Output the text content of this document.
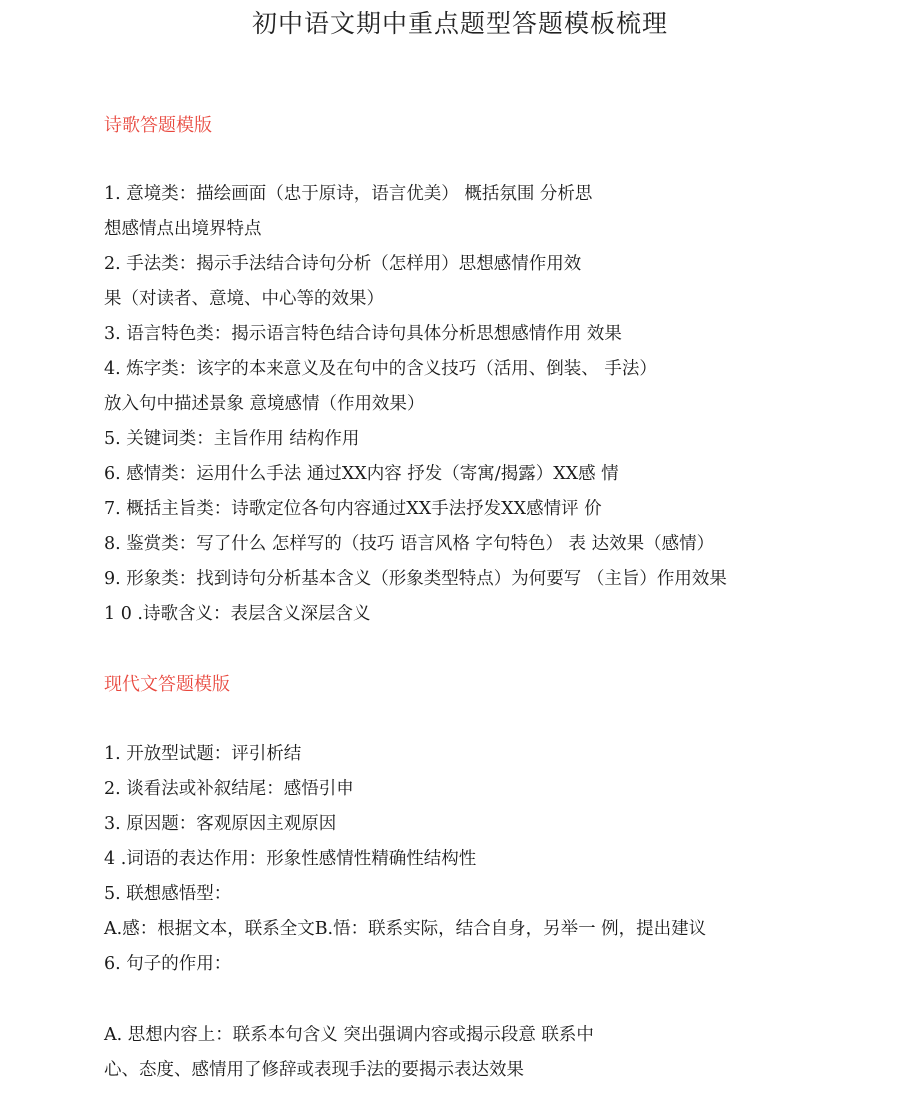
初中语文期中重点题型答题模板梳理
诗歌答题模版
1. 意境类：描绘画面（忠于原诗，语言优美） 概括氛围 分析思
想感情点出境界特点
2. 手法类：揭示手法结合诗句分析（怎样用）思想感情作用效
果（对读者、意境、中心等的效果）
3. 语言特色类：揭示语言特色结合诗句具体分析思想感情作用 效果
4. 炼字类：该字的本来意义及在句中的含义技巧（活用、倒装、 手法）
放入句中描述景象 意境感情（作用效果）
5. 关键词类：主旨作用 结构作用
6. 感情类：运用什么手法 通过XX内容 抒发（寄寓/揭露）XX感 情
7. 概括主旨类：诗歌定位各句内容通过XX手法抒发XX感情评 价
8. 鉴赏类：写了什么 怎样写的（技巧 语言风格 字句特色） 表 达效果（感情）
9. 形象类：找到诗句分析基本含义（形象类型特点）为何要写 （主旨）作用效果
1 0 .诗歌含义：表层含义深层含义
现代文答题模版
1. 开放型试题：评引析结
2. 谈看法或补叙结尾：感悟引申
3. 原因题：客观原因主观原因
4 .词语的表达作用：形象性感情性精确性结构性
5. 联想感悟型：
A.感：根据文本，联系全文B.悟：联系实际，结合自身，另举一 例，提出建议
6. 句子的作用：
A. 思想内容上：联系本句含义 突出强调内容或揭示段意 联系中
心、态度、感情用了修辞或表现手法的要揭示表达效果
